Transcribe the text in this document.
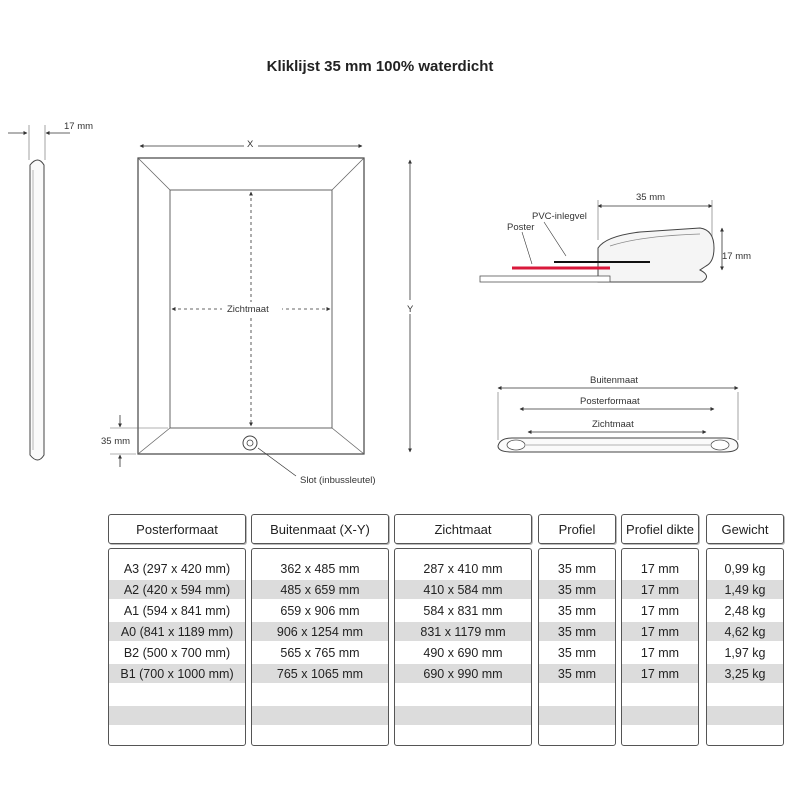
Kliklijst 35 mm 100% waterdicht
17 mm
X
Y
Zichtmaat
35 mm
Slot (inbussleutel)
35 mm
17 mm
PVC-inlegvel
Poster
Buitenmaat
Posterformaat
Zichtmaat
Posterformaat
A3 (297 x 420 mm)
A2 (420 x 594 mm)
A1 (594 x 841 mm)
A0 (841 x 1189 mm)
B2 (500 x 700 mm)
B1 (700 x 1000 mm)
Buitenmaat (X-Y)
362 x 485 mm
485 x 659 mm
659 x 906 mm
906 x 1254 mm
565 x 765 mm
765 x 1065 mm
Zichtmaat
287 x 410 mm
410 x 584 mm
584 x 831 mm
831 x 1179 mm
490 x 690 mm
690 x 990 mm
Profiel
35 mm
35 mm
35 mm
35 mm
35 mm
35 mm
Profiel dikte
17 mm
17 mm
17 mm
17 mm
17 mm
17 mm
Gewicht
0,99 kg
1,49 kg
2,48 kg
4,62 kg
1,97 kg
3,25 kg
